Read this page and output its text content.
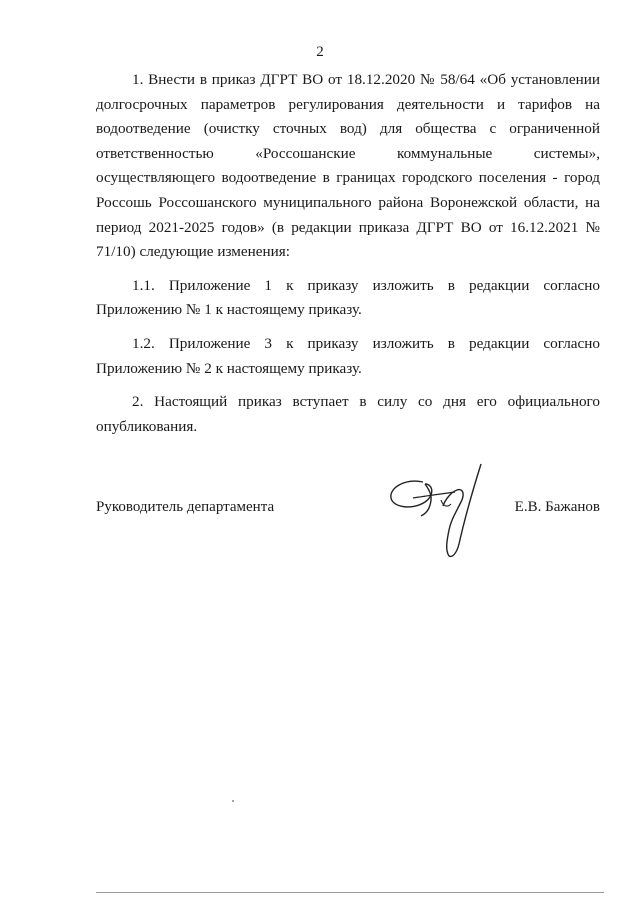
2

1. Внести в приказ ДГРТ ВО от 18.12.2020 № 58/64 «Об установлении долгосрочных параметров регулирования деятельности и тарифов на водоотведение (очистку сточных вод) для общества с ограниченной ответственностью «Россошанские коммунальные системы», осуществляющего водоотведение в границах городского поселения - город Россошь Россошанского муниципального района Воронежской области, на период 2021-2025 годов» (в редакции приказа ДГРТ ВО от 16.12.2021 № 71/10) следующие изменения:

1.1. Приложение 1 к приказу изложить в редакции согласно Приложению № 1 к настоящему приказу.

1.2. Приложение 3 к приказу изложить в редакции согласно Приложению № 2 к настоящему приказу.

2. Настоящий приказ вступает в силу со дня его официального опубликования.

Руководитель департамента	Е.В. Бажанов
